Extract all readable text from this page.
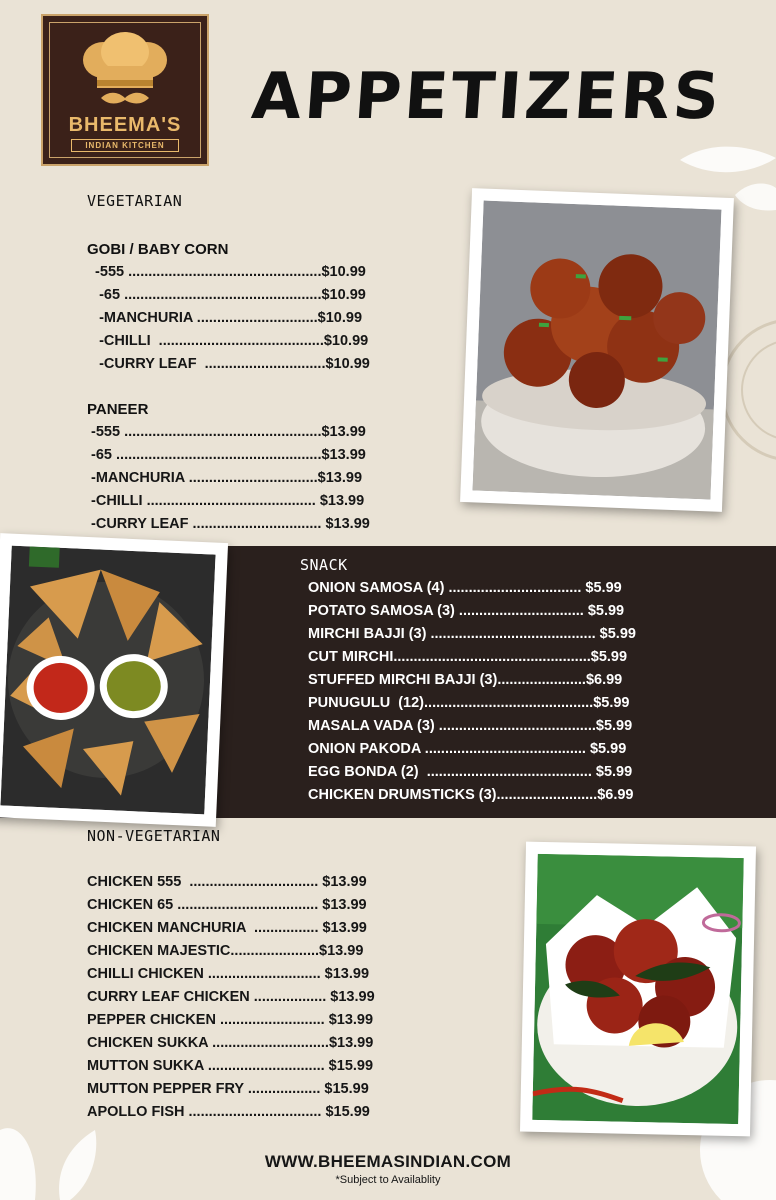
BHEEMA'S
INDIAN KITCHEN
APPETIZERS
VEGETARIAN
GOBI / BABY CORN
-555 ................................................$10.99
-65 .................................................$10.99
-MANCHURIA ..............................$10.99
-CHILLI  .........................................$10.99
-CURRY LEAF  ..............................$10.99
PANEER
-555 .................................................$13.99
-65 ...................................................$13.99
-MANCHURIA ................................$13.99
-CHILLI .......................................... $13.99
-CURRY LEAF ................................ $13.99
SNACK
ONION SAMOSA (4) ................................. $5.99
POTATO SAMOSA (3) ............................... $5.99
MIRCHI BAJJI (3) ......................................... $5.99
CUT MIRCHI.................................................$5.99
STUFFED MIRCHI BAJJI (3)......................$6.99
PUNUGULU  (12)..........................................$5.99
MASALA VADA (3) .......................................$5.99
ONION PAKODA ........................................ $5.99
EGG BONDA (2)  ......................................... $5.99
CHICKEN DRUMSTICKS (3).........................$6.99
NON-VEGETARIAN
CHICKEN 555  ................................ $13.99
CHICKEN 65 ................................... $13.99
CHICKEN MANCHURIA  ................ $13.99
CHICKEN MAJESTIC......................$13.99
CHILLI CHICKEN ............................ $13.99
CURRY LEAF CHICKEN .................. $13.99
PEPPER CHICKEN .......................... $13.99
CHICKEN SUKKA .............................$13.99
MUTTON SUKKA ............................. $15.99
MUTTON PEPPER FRY .................. $15.99
APOLLO FISH ................................. $15.99
WWW.BHEEMASINDIAN.COM
*Subject to Availablity
